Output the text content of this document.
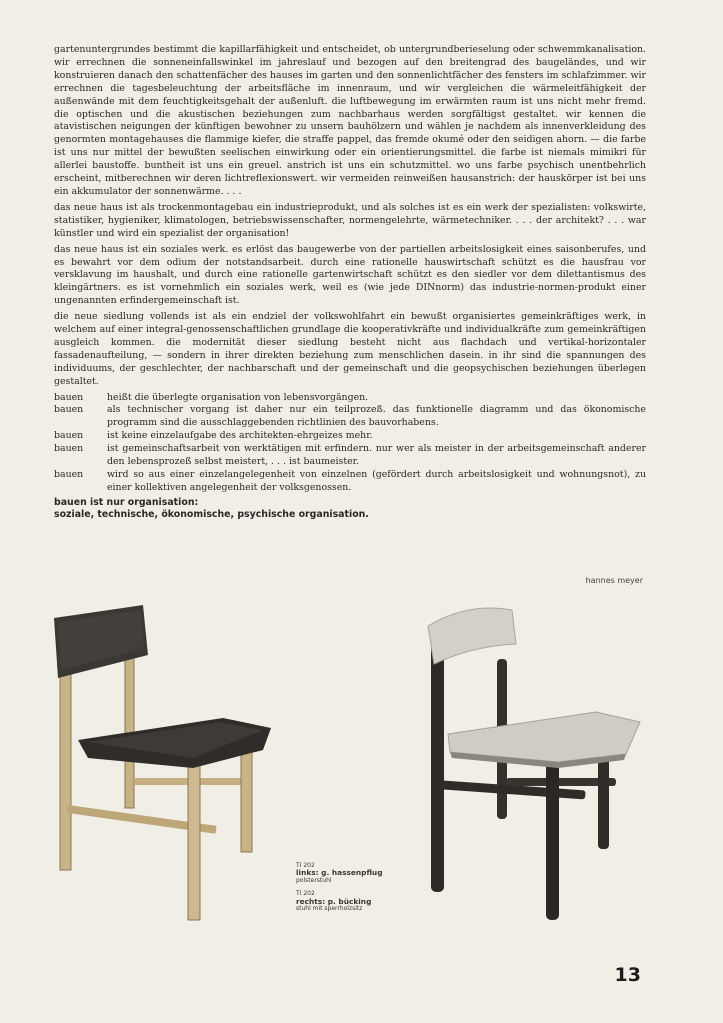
gartenuntergrundes bestimmt die kapillarfähigkeit und entscheidet, ob untergrundberieselung oder schwemmkanalisation. wir errechnen die sonneneinfallswinkel im jahreslauf und bezogen auf den breitengrad des baugeländes, und wir konstruieren danach den schattenfächer des hauses im garten und den sonnenlichtfächer des fensters im schlafzimmer. wir errechnen die tagesbeleuchtung der arbeitsfläche im innenraum, und wir vergleichen die wärmeleitfähigkeit der außenwände mit dem feuchtigkeitsgehalt der außenluft. die luftbewegung im erwärmten raum ist uns nicht mehr fremd. die optischen und die akustischen beziehungen zum nachbarhaus werden sorgfältigst gestaltet. wir kennen die atavistischen neigungen der künftigen bewohner zu unsern bauhölzern und wählen je nachdem als innenverkleidung des genormten montagehauses die flammige kiefer, die straffe pappel, das fremde okumé oder den seidigen ahorn. — die farbe ist uns nur mittel der bewußten seelischen einwirkung oder ein orientierungsmittel. die farbe ist niemals mimikri für allerlei baustoffe. buntheit ist uns ein greuel. anstrich ist uns ein schutzmittel. wo uns farbe psychisch unentbehrlich erscheint, mitberechnen wir deren lichtreflexionswert. wir vermeiden reinweißen hausanstrich: der hauskörper ist bei uns ein akkumulator der sonnenwärme. . . .

das neue haus ist als trockenmontagebau ein industrieprodukt, und als solches ist es ein werk der spezialisten: volkswirte, statistiker, hygieniker, klimatologen, betriebswissenschafter, normengelehrte, wärmetechniker. . . . der architekt? . . . war künstler und wird ein spezialist der organisation!

das neue haus ist ein soziales werk. es erlöst das baugewerbe von der partiellen arbeitslosigkeit eines saisonberufes, und es bewahrt vor dem odium der notstandsarbeit. durch eine rationelle hauswirtschaft schützt es die hausfrau vor versklavung im haushalt, und durch eine rationelle gartenwirtschaft schützt es den siedler vor dem dilettantismus des kleingärtners. es ist vornehmlich ein soziales werk, weil es (wie jede DINnorm) das industrie-normen-produkt einer ungenannten erfindergemeinschaft ist.

die neue siedlung vollends ist als ein endziel der volkswohlfahrt ein bewußt organisiertes gemeinkräftiges werk, in welchem auf einer integral-genossenschaftlichen grundlage die kooperativkräfte und individualkräfte zum gemeinkräftigen ausgleich kommen. die modernität dieser siedlung besteht nicht aus flachdach und vertikal-horizontaler fassadenaufteilung, — sondern in ihrer direkten beziehung zum menschlichen dasein. in ihr sind die spannungen des individuums, der geschlechter, der nachbarschaft und der gemeinschaft und die geopsychischen beziehungen überlegen gestaltet.

bauen	heißt die überlegte organisation von lebensvorgängen.
bauen	als technischer vorgang ist daher nur ein teilprozeß. das funktionelle diagramm und das ökonomische programm sind die ausschlaggebenden richtlinien des bauvorhabens.
bauen	ist keine einzelaufgabe des architekten-ehrgeizes mehr.
bauen	ist gemeinschaftsarbeit von werktätigen mit erfindern. nur wer als meister in der arbeitsgemeinschaft anderer den lebensprozeß selbst meistert, . . . ist baumeister.
bauen	wird so aus einer einzelangelegenheit von einzelnen (gefördert durch arbeitslosigkeit und wohnungsnot), zu einer kollektiven angelegenheit der volksgenossen.
bauen ist nur organisation:
soziale, technische, ökonomische, psychische organisation.
hannes meyer
TI 202
links: g. hassenpflug
polsterstuhl
TI 202
rechts: p. bücking
stuhl mit sperrholzsitz
13
